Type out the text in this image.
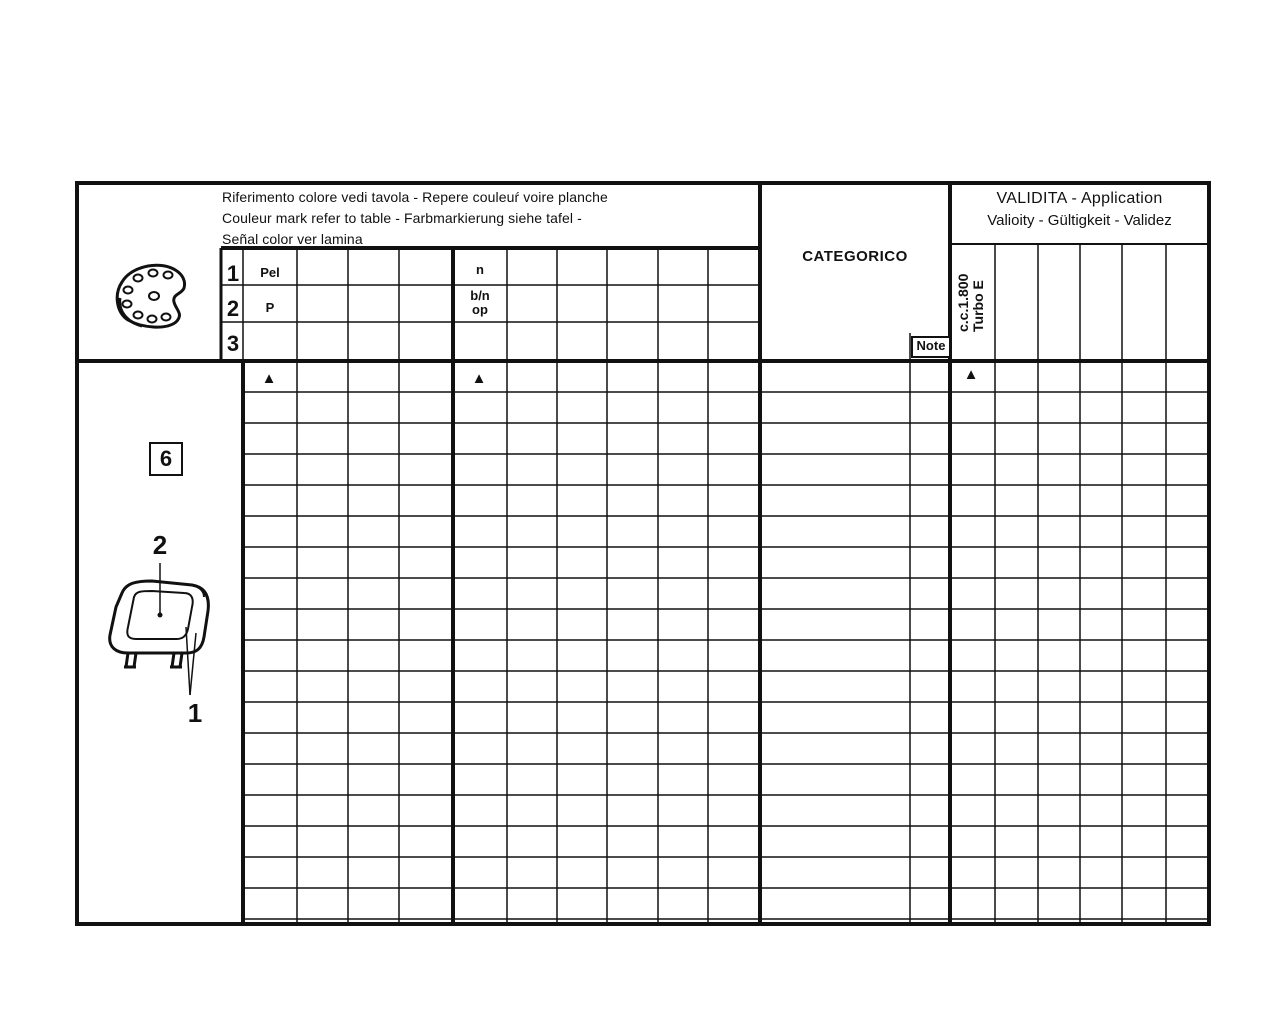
Riferimento colore vedi tavola - Repere couleuŕ voire planche
Couleur mark refer to table - Farbmarkierung siehe tafel -
Señal color ver lamina
1
2
3
Pel
P
n
b/n
op
CATEGORICO
Note
VALIDITA - Application
Valioity - Gültigkeit - Validez
c.c.1.800 Turbo E
▲	▲	▲
6
2
1
